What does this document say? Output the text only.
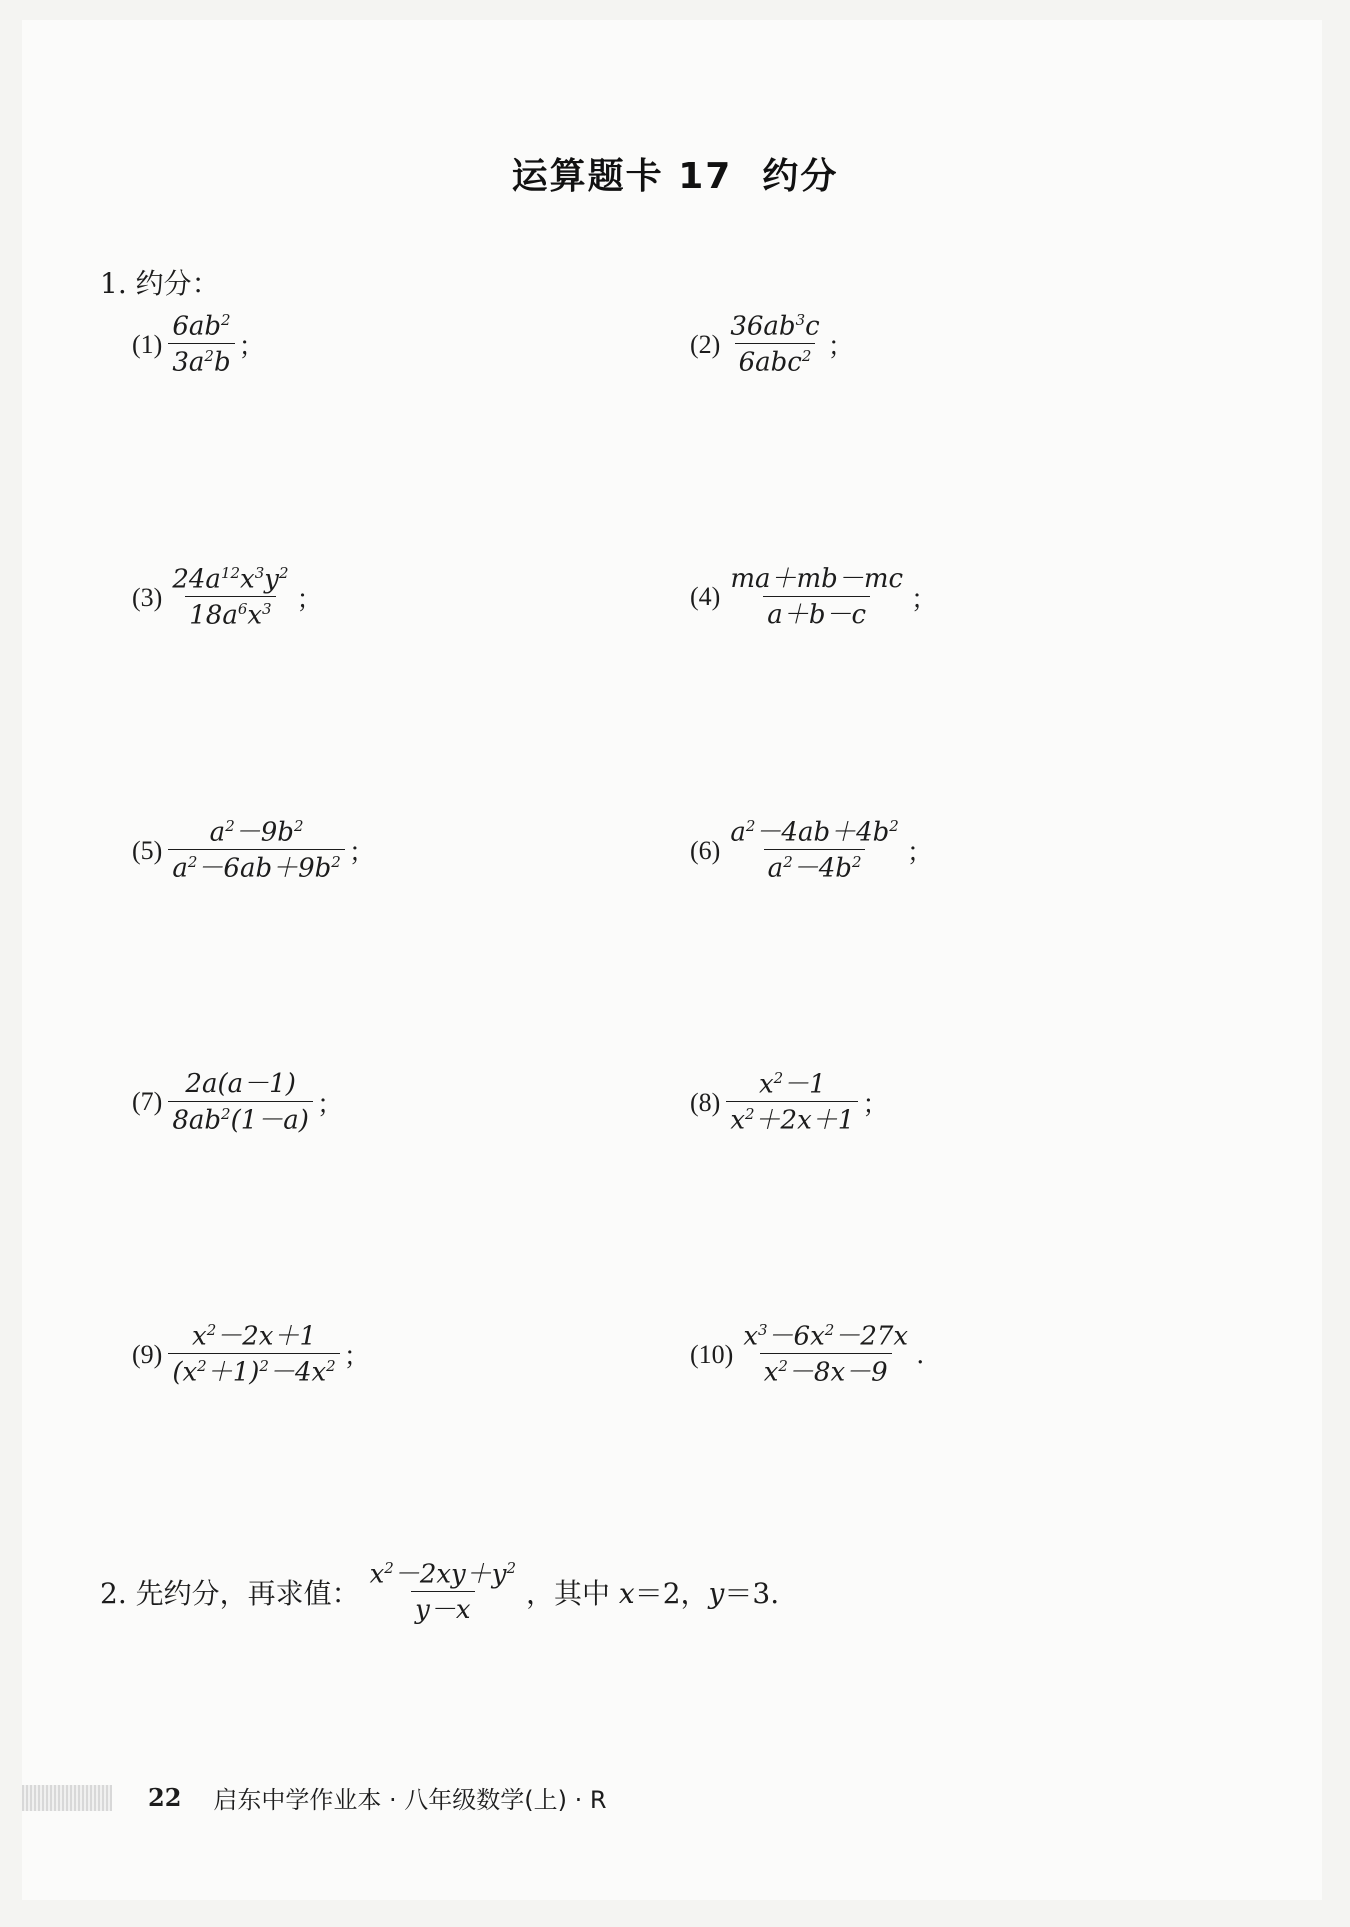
运算题卡 17 约分
1. 约分：
$(1) \frac{6ab^2}{3a^2b}$ ；	$(2) \frac{36ab^3c}{6abc^2}$ ；
$(3) \frac{24a^{12}x^3y^2}{18a^6x^3}$ ；	$(4) \frac{ma+mb-mc}{a+b-c}$ ；
$(5) \frac{a^2-9b^2}{a^2-6ab+9b^2}$ ；	$(6) \frac{a^2-4ab+4b^2}{a^2-4b^2}$ ；
$(7) \frac{2a(a-1)}{8ab^2(1-a)}$ ；	$(8) \frac{x^2-1}{x^2+2x+1}$ ；
$(9) \frac{x^2-2x+1}{(x^2+1)^2-4x^2}$ ；	$(10) \frac{x^3-6x^2-27x}{x^2-8x-9}$ .
2. 先约分，再求值： $\frac{x^2-2xy+y^2}{y-x}$ ，其中 x＝2，y＝3.
22 启东中学作业本 · 八年级数学(上) · R
